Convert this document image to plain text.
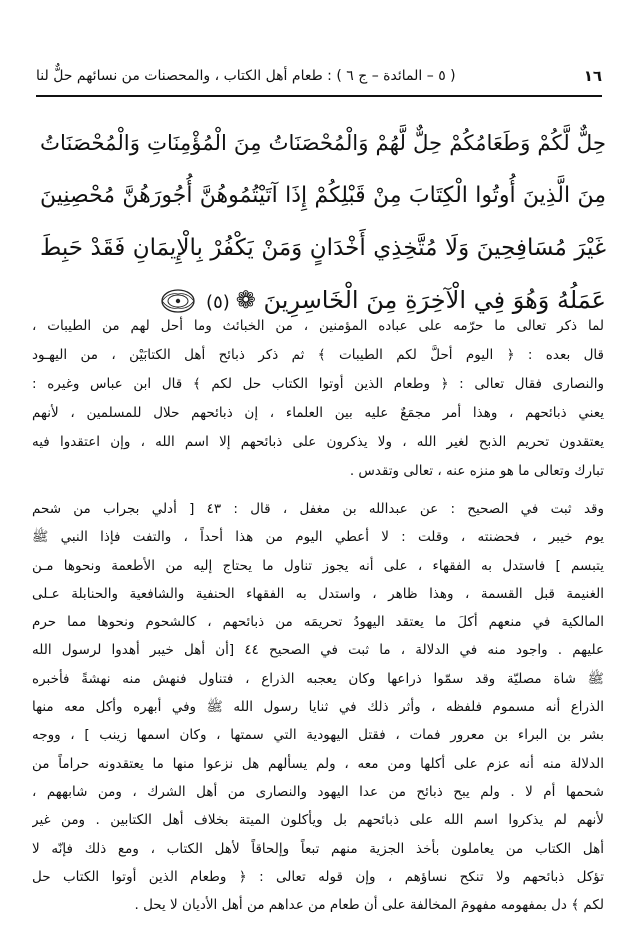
١٦
( ٥ – المائدة – ج ٦ ) : طعام أهل الكتاب ، والمحصنات من نسائهم حلٌّ لنا
حِلٌّ لَّكُمْ وَطَعَامُكُمْ حِلٌّ لَّهُمْ وَالْمُحْصَنَاتُ مِنَ الْمُؤْمِنَاتِ وَالْمُحْصَنَاتُ
مِنَ الَّذِينَ أُوتُوا الْكِتَابَ مِنْ قَبْلِكُمْ إِذَا آتَيْتُمُوهُنَّ أُجُورَهُنَّ مُحْصِنِينَ
غَيْرَ مُسَافِحِينَ وَلَا مُتَّخِذِي أَخْدَانٍ وَمَنْ يَكْفُرْ بِالْإِيمَانِ فَقَدْ حَبِطَ
عَمَلُهُ وَهُوَ فِي الْآخِرَةِ مِنَ الْخَاسِرِينَ ❁(٥)
لما ذكر تعالى ما حرّمه على عباده المؤمنين ، من الخبائث وما أحل لهم من الطيبات ،
قال بعده : ﴿ اليوم أحلَّ لكم الطيبات ﴾ ثم ذكر ذبائح أهل الكتابَيْن ، من اليهـود
والنصارى فقال تعالى : ﴿ وطعام الذين أوتوا الكتاب حل لكم ﴾ قال ابن عباس وغيره :
يعني ذبائحهم ، وهذا أمر مجمَعٌ عليه بين العلماء ، إن ذبائحهم حلال للمسلمين ، لأنهم
يعتقدون تحريم الذبح لغير الله ، ولا يذكرون على ذبائحهم إلا اسم الله ، وإن اعتقدوا فيه
تبارك وتعالى ما هو منزه عنه ، تعالى وتقدس .
وقد ثبت في الصحيح : عن عبدالله بن مغفل ، قال : ٤٣ [ أدلي بجراب من شحم
يوم خيبر ، فحضنته ، وقلت : لا أعطي اليوم من هذا أحداً ، والتفت فإذا النبي ﷺ
يتبسم ] فاستدل به الفقهاء ، على أنه يجوز تناول ما يحتاج إليه من الأطعمة ونحوها مـن
الغنيمة قبل القسمة ، وهذا ظاهر ، واستدل به الفقهاء الحنفية والشافعية والحنابلة عـلى
المالكية في منعهم أكلَ ما يعتقد اليهودُ تحريمَه من ذبائحهم ، كالشحوم ونحوها مما حرم
عليهم . واجود منه في الدلالة ، ما ثبت في الصحيح ٤٤ [أن أهل خيبر أهدوا لرسول الله
ﷺ شاة مصليّة وقد سمّوا ذراعها وكان يعجبه الذراع ، فتناول فنهش منه نهشةً فأخبره
الذراع أنه مسموم فلفظه ، وأثر ذلك في ثنايا رسول الله ﷺ وفي أبهره وأكل معه منها
بشر بن البراء بن معرور فمات ، فقتل اليهودية التي سمتها ، وكان اسمها زينب ] ، ووجه
الدلالة منه أنه عزم على أكلها ومن معه ، ولم يسألهم هل نزعوا منها ما يعتقدونه حراماً من
شحمها أم لا . ولم يبح ذبائح من عدا اليهود والنصارى من أهل الشرك ، ومن شابههم ،
لأنهم لم يذكروا اسم الله على ذبائحهم بل ويأكلون الميتة بخلاف أهل الكتابين . ومن غير
أهل الكتاب من يعاملون بأخذ الجزية منهم تبعاً وإلحاقاً لأهل الكتاب ، ومع ذلك فإنّه لا
تؤكل ذبائحهم ولا تنكح نساؤهم ، وإن قوله تعالى : ﴿ وطعام الذين أوتوا الكتاب حل
لكم ﴾ دل بمفهومه مفهومَ المخالفة على أن طعام من عداهم من أهل الأديان لا يحل .
